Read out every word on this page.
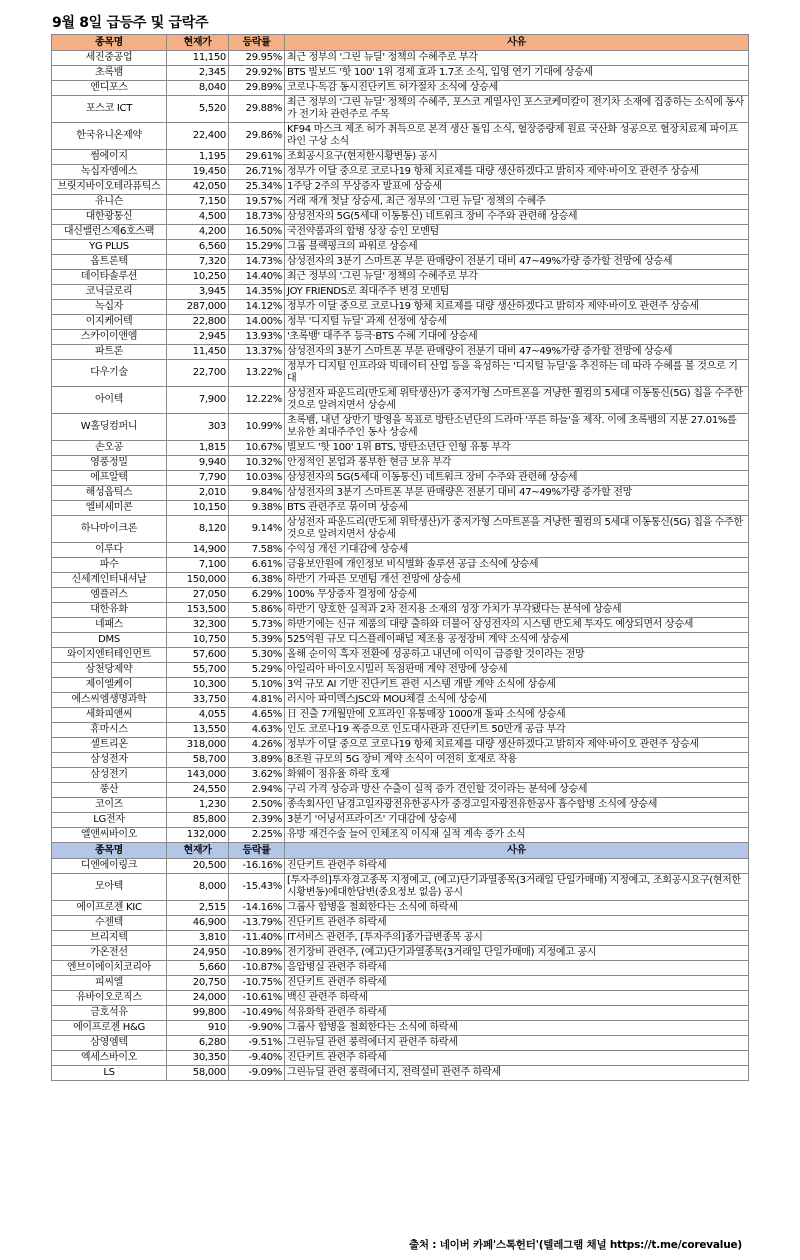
9월 8일 급등주 및 급락주
종목명	현재가	등락률	사유
세진중공업	11,150	29.95%	최근 정부의 '그린 뉴딜' 정책의 수혜주로 부각
초록뱀	2,345	29.92%	BTS 빌보드 '핫 100' 1위 경제 효과 1.7조 소식, 입영 연기 기대에 상승세
엔디포스	8,040	29.89%	코로나·독감 동시진단키트 허가절차 소식에 상승세
포스코 ICT	5,520	29.88%	최근 정부의 '그린 뉴딜' 정책의 수혜주, 포스코 계열사인 포스코케미칼이 전기차 소재에 집중하는 소식에 동사가 전기차 관련주로 주목
한국유니온제약	22,400	29.86%	KF94 마스크 제조 허가 취득으로 본격 생산 돌입 소식, 혈장증량제 원료 국산화 성공으로 혈장치료제 파이프라인 구상 소식
썸에이지	1,195	29.61%	조회공시요구(현저한시황변동) 공시
녹십자엠에스	19,450	26.71%	정부가 이달 중으로 코로나19 항체 치료제를 대량 생산하겠다고 밝히자 제약·바이오 관련주 상승세
브릿지바이오테라퓨틱스	42,050	25.34%	1주당 2주의 무상증자 발표에 상승세
유니슨	7,150	19.57%	거래 재개 첫날 상승세, 최근 정부의 '그린 뉴딜' 정책의 수혜주
대한광통신	4,500	18.73%	삼성전자의 5G(5세대 이동통신) 네트워크 장비 수주와 관련해 상승세
대신밸런스제6호스팩	4,200	16.50%	국전약품과의 합병 상장 승인 모멘텀
YG PLUS	6,560	15.29%	그룹 블랙핑크의 파워로 상승세
옵트론텍	7,320	14.73%	삼성전자의 3분기 스마트폰 부문 판매량이 전분기 대비 47~49%가량 증가할 전망에 상승세
데이타솔루션	10,250	14.40%	최근 정부의 '그린 뉴딜' 정책의 수혜주로 부각
코닉글로리	3,945	14.35%	JOY FRIENDS로 최대주주 변경 모멘텀
녹십자	287,000	14.12%	정부가 이달 중으로 코로나19 항체 치료제를 대량 생산하겠다고 밝히자 제약·바이오 관련주 상승세
이지케어텍	22,800	14.00%	정부 '디지털 뉴딜' 과제 선정에 상승세
스카이이앤엠	2,945	13.93%	'초록뱀' 대주주 등극·BTS 수혜 기대에 상승세
파트론	11,450	13.37%	삼성전자의 3분기 스마트폰 부문 판매량이 전분기 대비 47~49%가량 증가할 전망에 상승세
다우기술	22,700	13.22%	정부가 디지털 인프라와 빅데이터 산업 등을 육성하는 '디지털 뉴딜'을 추진하는 데 따라 수혜를 볼 것으로 기대
아이텍	7,900	12.22%	삼성전자 파운드리(반도체 위탁생산)가 중저가형 스마트폰을 겨냥한 퀄컴의 5세대 이동통신(5G) 칩을 수주한 것으로 알려지면서 상승세
W홀딩컴퍼니	303	10.99%	초록뱀, 내년 상반기 방영을 목표로 방탄소년단의 드라마 '푸른 하늘'을 제작. 이에 초록뱀의 지분 27.01%를 보유한 최대주주인 동사 상승세
손오공	1,815	10.67%	빌보드 '핫 100' 1위 BTS, 방탄소년단 인형 유통 부각
영풍정밀	9,940	10.32%	안정적인 본업과 풍부한 현금 보유 부각
에프알텍	7,790	10.03%	삼성전자의 5G(5세대 이동통신) 네트워크 장비 수주와 관련해 상승세
해성옵틱스	2,010	9.84%	삼성전자의 3분기 스마트폰 부문 판매량은 전분기 대비 47~49%가량 증가할 전망
엘비세미콘	10,150	9.38%	BTS 관련주로 묶이며 상승세
하나마이크론	8,120	9.14%	삼성전자 파운드리(반도체 위탁생산)가 중저가형 스마트폰을 겨냥한 퀄컴의 5세대 이동통신(5G) 칩을 수주한 것으로 알려지면서 상승세
이루다	14,900	7.58%	수익성 개선 기대감에 상승세
파수	7,100	6.61%	금융보안원에 개인정보 비식별화 솔루션 공급 소식에 상승세
신세계인터내셔날	150,000	6.38%	하반기 가파른 모멘텀 개선 전망에 상승세
엠플러스	27,050	6.29%	100% 무상증자 결정에 상승세
대한유화	153,500	5.86%	하반기 양호한 실적과 2차 전지용 소재의 성장 가치가 부각됐다는 분석에 상승세
네패스	32,300	5.73%	하반기에는 신규 제품의 대량 출하와 더불어 삼성전자의 시스템 반도체 투자도 예상되면서 상승세
DMS	10,750	5.39%	525억원 규모 디스플레이패널 제조용 공정장비 계약 소식에 상승세
와이지엔터테인먼트	57,600	5.30%	올해 순이익 흑자 전환에 성공하고 내년에 이익이 급증할 것이라는 전망
삼천당제약	55,700	5.29%	아일리아 바이오시밀러 독점판매 계약 전망에 상승세
제이엘케이	10,300	5.10%	3억 규모 AI 기반 진단키트 관련 시스템 개발 계약 소식에 상승세
에스씨엠생명과학	33,750	4.81%	러시아 파미멕스JSC와 MOU체결 소식에 상승세
세화피앤씨	4,055	4.65%	日 진출 7개월만에 오프라인 유통매장 1000개 돌파 소식에 상승세
휴마시스	13,550	4.63%	인도 코로나19 폭증으로 인도대사관과 진단키트 50만개 공급 부각
셀트리온	318,000	4.26%	정부가 이달 중으로 코로나19 항체 치료제를 대량 생산하겠다고 밝히자 제약·바이오 관련주 상승세
삼성전자	58,700	3.89%	8조원 규모의 5G 장비 계약 소식이 여전히 호재로 작용
삼성전기	143,000	3.62%	화웨이 점유율 하락 호재
풍산	24,550	2.94%	구리 가격 상승과 방산 수출이 실적 증가 견인할 것이라는 분석에 상승세
코이즈	1,230	2.50%	종속회사인 남경고일자광전유한공사가 중경고일자광전유한공사 흡수합병 소식에 상승세
LG전자	85,800	2.39%	3분기 '어닝서프라이즈' 기대감에 상승세
엘앤씨바이오	132,000	2.25%	유방 재건수술 늘어 인체조직 이식재 실적 계속 증가 소식
종목명	현재가	등락률	사유
디엔에이링크	20,500	-16.16%	진단키트 관련주 하락세
모아텍	8,000	-15.43%	[투자주의]투자경고종목 지정예고, (예고)단기과열종목(3거래일 단일가매매) 지정예고, 조회공시요구(현저한시황변동)에대한답변(중요정보 없음) 공시
에이프로젠 KIC	2,515	-14.16%	그룹사 합병을 철회한다는 소식에 하락세
수젠텍	46,900	-13.79%	진단키트 관련주 하락세
브리지텍	3,810	-11.40%	IT서비스 관련주, [투자주의]종가급변종목 공시
가온전선	24,950	-10.89%	전기장비 관련주, (예고)단기과열종목(3거래일 단일가매매) 지정예고 공시
엔브이에이치코리아	5,660	-10.87%	음압병실 관련주 하락세
피씨엘	20,750	-10.75%	진단키트 관련주 하락세
유바이오로직스	24,000	-10.61%	백신 관련주 하락세
금호석유	99,800	-10.49%	석유화학 관련주 하락세
에이프로젠 H&G	910	-9.90%	그룹사 합병을 철회한다는 소식에 하락세
삼영엠텍	6,280	-9.51%	그린뉴딜 관련 풍력에너지 관련주 하락세
엑세스바이오	30,350	-9.40%	진단키트 관련주 하락세
LS	58,000	-9.09%	그린뉴딜 관련 풍력에너지, 전력설비 관련주 하락세
출처 : 네이버 카페'스톡헌터'(텔레그램 채널 https://t.me/corevalue)
